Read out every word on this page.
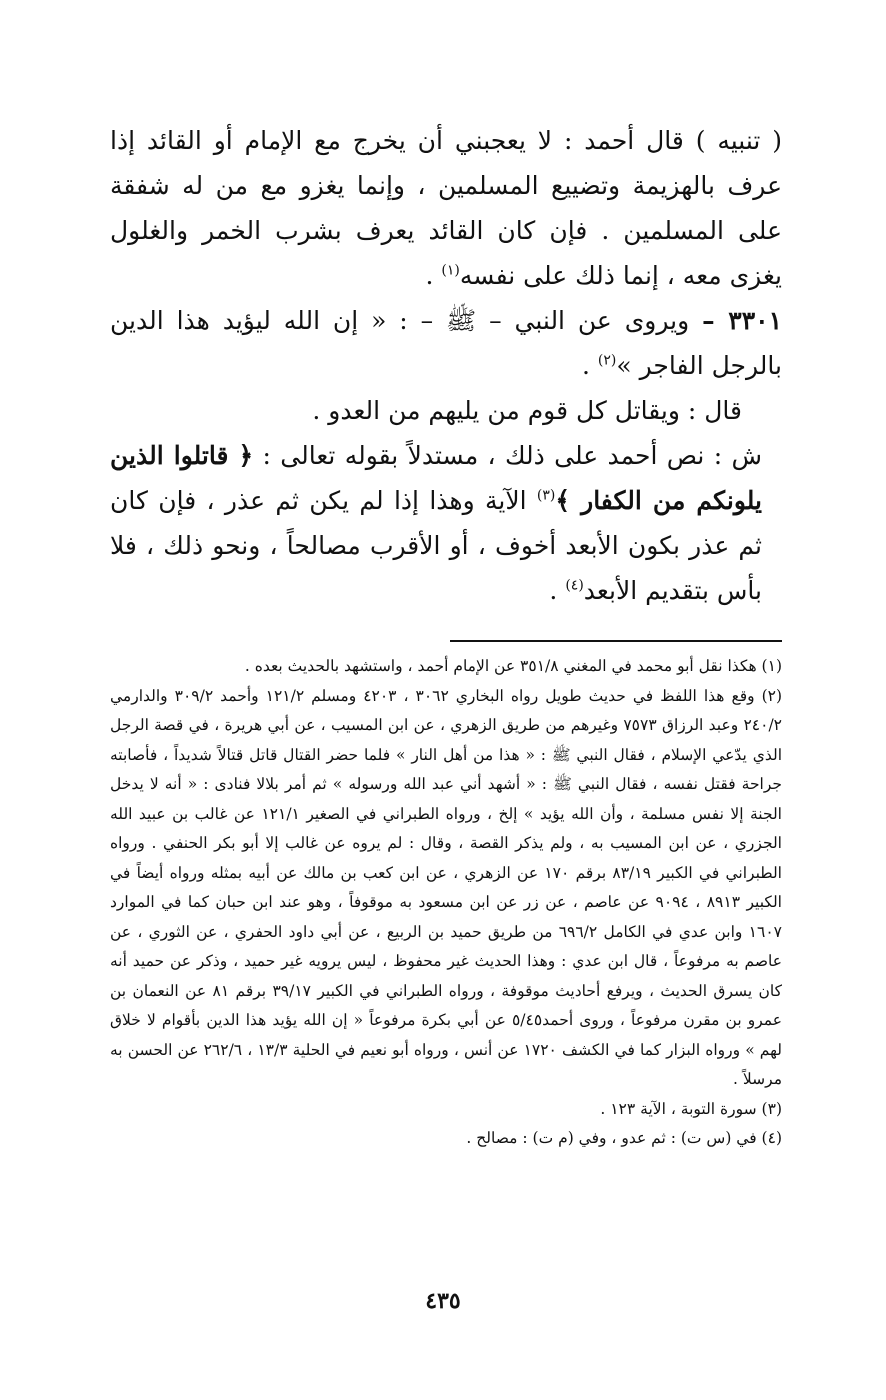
( تنبيه ) قال أحمد : لا يعجبني أن يخرج مع الإمام أو القائد إذا عرف بالهزيمة وتضييع المسلمين ، وإنما يغزو مع من له شفقة على المسلمين . فإن كان القائد يعرف بشرب الخمر والغلول يغزى معه ، إنما ذلك على نفسه$^{(١)}$ .

٣٣٠١ – ويروى عن النبي – ﷺ – : « إن الله ليؤيد هذا الدين بالرجل الفاجر »$^{(٢)}$ .

قال : ويقاتل كل قوم من يليهم من العدو .

ش : نص أحمد على ذلك ، مستدلاً بقوله تعالى : ﴿ قاتلوا الذين يلونكم من الكفار ﴾$^{(٣)}$ الآية وهذا إذا لم يكن ثم عذر ، فإن كان ثم عذر بكون الأبعد أخوف ، أو الأقرب مصالحاً ، ونحو ذلك ، فلا بأس بتقديم الأبعد$^{(٤)}$ .

(١) هكذا نقل أبو محمد في المغني ٣٥١/٨ عن الإمام أحمد ، واستشهد بالحديث بعده .

(٢) وقع هذا اللفظ في حديث طويل رواه البخاري ٣٠٦٢ ، ٤٢٠٣ ومسلم ١٢١/٢ وأحمد ٣٠٩/٢ والدارمي ٢٤٠/٢ وعبد الرزاق ٧٥٧٣ وغيرهم من طريق الزهري ، عن ابن المسيب ، عن أبي هريرة ، في قصة الرجل الذي يدّعي الإسلام ، فقال النبي ﷺ : « هذا من أهل النار » فلما حضر القتال قاتل قتالاً شديداً ، فأصابته جراحة فقتل نفسه ، فقال النبي ﷺ : « أشهد أني عبد الله ورسوله » ثم أمر بلالا فنادى : « أنه لا يدخل الجنة إلا نفس مسلمة ، وأن الله يؤيد » إلخ ، ورواه الطبراني في الصغير ١٢١/١ عن غالب بن عبيد الله الجزري ، عن ابن المسيب به ، ولم يذكر القصة ، وقال : لم يروه عن غالب إلا أبو بكر الحنفي . ورواه الطبراني في الكبير ٨٣/١٩ برقم ١٧٠ عن الزهري ، عن ابن كعب بن مالك عن أبيه بمثله ورواه أيضاً في الكبير ٨٩١٣ ، ٩٠٩٤ عن عاصم ، عن زر عن ابن مسعود به موقوفاً ، وهو عند ابن حبان كما في الموارد ١٦٠٧ وابن عدي في الكامل ٦٩٦/٢ من طريق حميد بن الربيع ، عن أبي داود الحفري ، عن الثوري ، عن عاصم به مرفوعاً ، قال ابن عدي : وهذا الحديث غير محفوظ ، ليس يرويه غير حميد ، وذكر عن حميد أنه كان يسرق الحديث ، ويرفع أحاديث موقوفة ، ورواه الطبراني في الكبير ٣٩/١٧ برقم ٨١ عن النعمان بن عمرو بن مقرن مرفوعاً ، وروى أحمد٥/٤٥ عن أبي بكرة مرفوعاً « إن الله يؤيد هذا الدين بأقوام لا خلاق لهم » ورواه البزار كما في الكشف ١٧٢٠ عن أنس ، ورواه أبو نعيم في الحلية ١٣/٣ ، ٢٦٢/٦ عن الحسن به مرسلاً .

(٣) سورة التوبة ، الآية ١٢٣ .

(٤) في (س ت) : ثم عدو ، وفي (م ت) : مصالح .

٤٣٥
